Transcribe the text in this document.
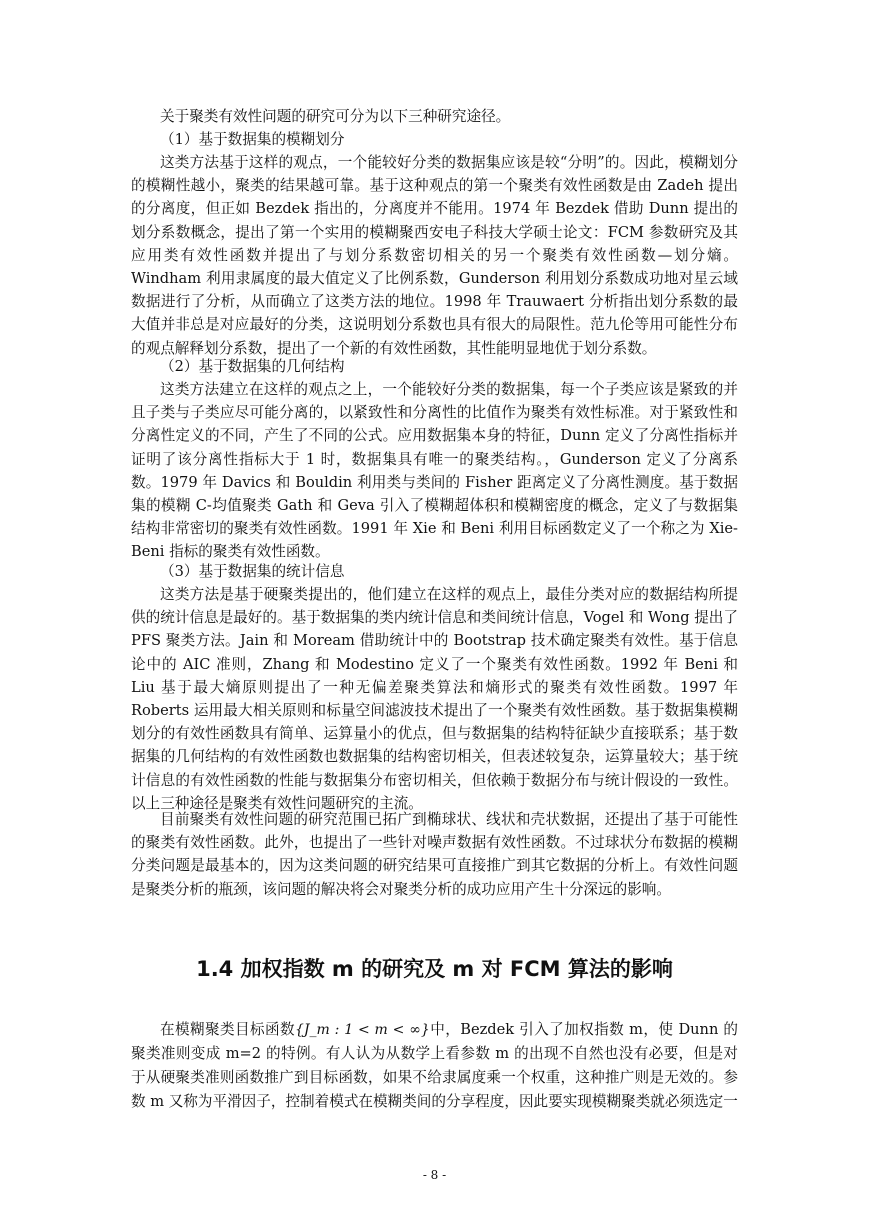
关于聚类有效性问题的研究可分为以下三种研究途径。

（1）基于数据集的模糊划分

这类方法基于这样的观点，一个能较好分类的数据集应该是较“分明”的。因此，模糊划分的模糊性越小，聚类的结果越可靠。基于这种观点的第一个聚类有效性函数是由 Zadeh 提出的分离度，但正如 Bezdek 指出的，分离度并不能用。1974 年 Bezdek 借助 Dunn 提出的划分系数概念，提出了第一个实用的模糊聚西安电子科技大学硕士论文：FCM 参数研究及其应用类有效性函数并提出了与划分系数密切相关的另一个聚类有效性函数—划分熵。Windham 利用隶属度的最大值定义了比例系数，Gunderson 利用划分系数成功地对星云域数据进行了分析，从而确立了这类方法的地位。1998 年 Trauwaert 分析指出划分系数的最大值并非总是对应最好的分类，这说明划分系数也具有很大的局限性。范九伦等用可能性分布的观点解释划分系数，提出了一个新的有效性函数，其性能明显地优于划分系数。

（2）基于数据集的几何结构

这类方法建立在这样的观点之上，一个能较好分类的数据集，每一个子类应该是紧致的并且子类与子类应尽可能分离的，以紧致性和分离性的比值作为聚类有效性标准。对于紧致性和分离性定义的不同，产生了不同的公式。应用数据集本身的特征，Dunn 定义了分离性指标并证明了该分离性指标大于 1 时，数据集具有唯一的聚类结构。，Gunderson 定义了分离系数。1979 年 Davics 和 Bouldin 利用类与类间的 Fisher 距离定义了分离性测度。基于数据集的模糊 C-均值聚类 Gath 和 Geva 引入了模糊超体积和模糊密度的概念，定义了与数据集结构非常密切的聚类有效性函数。1991 年 Xie 和 Beni 利用目标函数定义了一个称之为 Xie-Beni 指标的聚类有效性函数。

（3）基于数据集的统计信息

这类方法是基于硬聚类提出的，他们建立在这样的观点上，最佳分类对应的数据结构所提供的统计信息是最好的。基于数据集的类内统计信息和类间统计信息，Vogel 和 Wong 提出了 PFS 聚类方法。Jain 和 Moream 借助统计中的 Bootstrap 技术确定聚类有效性。基于信息论中的 AIC 准则，Zhang 和 Modestino 定义了一个聚类有效性函数。1992 年 Beni 和 Liu 基于最大熵原则提出了一种无偏差聚类算法和熵形式的聚类有效性函数。1997 年 Roberts 运用最大相关原则和标量空间滤波技术提出了一个聚类有效性函数。基于数据集模糊划分的有效性函数具有简单、运算量小的优点，但与数据集的结构特征缺少直接联系；基于数据集的几何结构的有效性函数也数据集的结构密切相关，但表述较复杂，运算量较大；基于统计信息的有效性函数的性能与数据集分布密切相关，但依赖于数据分布与统计假设的一致性。以上三种途径是聚类有效性问题研究的主流。

目前聚类有效性问题的研究范围已拓广到椭球状、线状和壳状数据，还提出了基于可能性的聚类有效性函数。此外，也提出了一些针对噪声数据有效性函数。不过球状分布数据的模糊分类问题是最基本的，因为这类问题的研究结果可直接推广到其它数据的分析上。有效性问题是聚类分析的瓶颈，该问题的解决将会对聚类分析的成功应用产生十分深远的影响。

1.4 加权指数 m 的研究及 m 对 FCM 算法的影响

在模糊聚类目标函数{J_m : 1 < m < ∞}中，Bezdek 引入了加权指数 m，使 Dunn 的聚类准则变成 m=2 的特例。有人认为从数学上看参数 m 的出现不自然也没有必要，但是对于从硬聚类准则函数推广到目标函数，如果不给隶属度乘一个权重，这种推广则是无效的。参数 m 又称为平滑因子，控制着模式在模糊类间的分享程度，因此要实现模糊聚类就必须选定一

- 8 -
